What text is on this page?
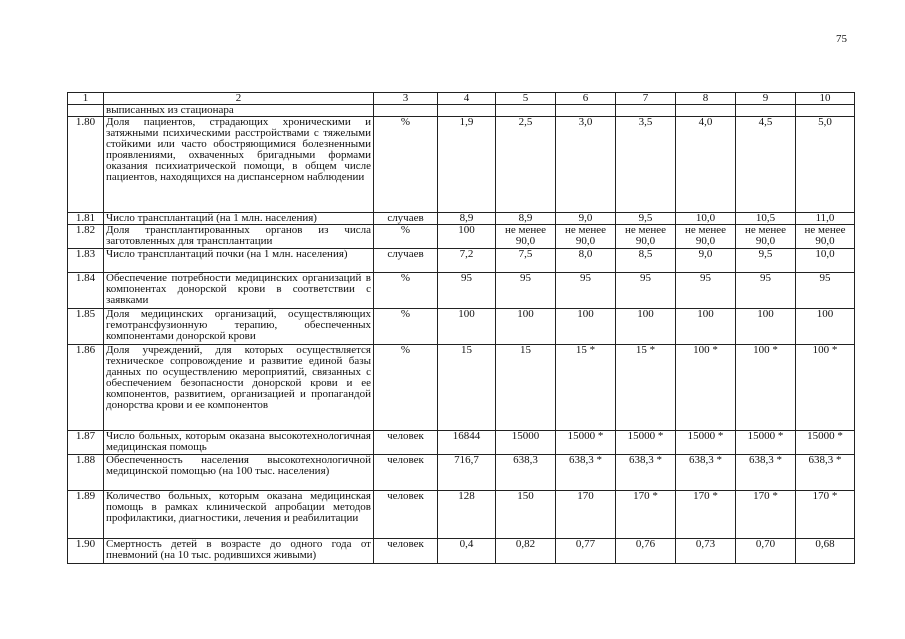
75
1	2	3	4	5	6	7	8	9	10
	выписанных из стационара								
1.80	Доля пациентов, страдающих хроническими и затяжными психическими расстройствами с тяжелыми стойкими или часто обостряющимися болезненными проявлениями, охваченных бригадными формами оказания психиатрической помощи, в общем числе пациентов, находящихся на диспансерном наблюдении	%	1,9	2,5	3,0	3,5	4,0	4,5	5,0
1.81	Число трансплантаций (на 1 млн. населения)	случаев	8,9	8,9	9,0	9,5	10,0	10,5	11,0
1.82	Доля трансплантированных органов из числа заготовленных для трансплантации	%	100	не менее 90,0	не менее 90,0	не менее 90,0	не менее 90,0	не менее 90,0	не менее 90,0
1.83	Число трансплантаций почки (на 1 млн. населения)	случаев	7,2	7,5	8,0	8,5	9,0	9,5	10,0
1.84	Обеспечение потребности медицинских организаций в компонентах донорской крови в соответствии с заявками	%	95	95	95	95	95	95	95
1.85	Доля медицинских организаций, осуществляющих гемотрансфузионную терапию, обеспеченных компонентами донорской крови	%	100	100	100	100	100	100	100
1.86	Доля учреждений, для которых осуществляется техническое сопровождение и развитие единой базы данных по осуществлению мероприятий, связанных с обеспечением безопасности донорской крови и ее компонентов, развитием, организацией и пропагандой донорства крови и ее компонентов	%	15	15	15 *	15 *	100 *	100 *	100 *
1.87	Число больных, которым оказана высокотехнологичная медицинская помощь	человек	16844	15000	15000 *	15000 *	15000 *	15000 *	15000 *
1.88	Обеспеченность населения высокотехнологичной медицинской помощью (на 100 тыс. населения)	человек	716,7	638,3	638,3 *	638,3 *	638,3 *	638,3 *	638,3 *
1.89	Количество больных, которым оказана медицинская помощь в рамках клинической апробации методов профилактики, диагностики, лечения и реабилитации	человек	128	150	170	170 *	170 *	170 *	170 *
1.90	Смертность детей в возрасте до одного года от пневмоний (на 10 тыс. родившихся живыми)	человек	0,4	0,82	0,77	0,76	0,73	0,70	0,68
